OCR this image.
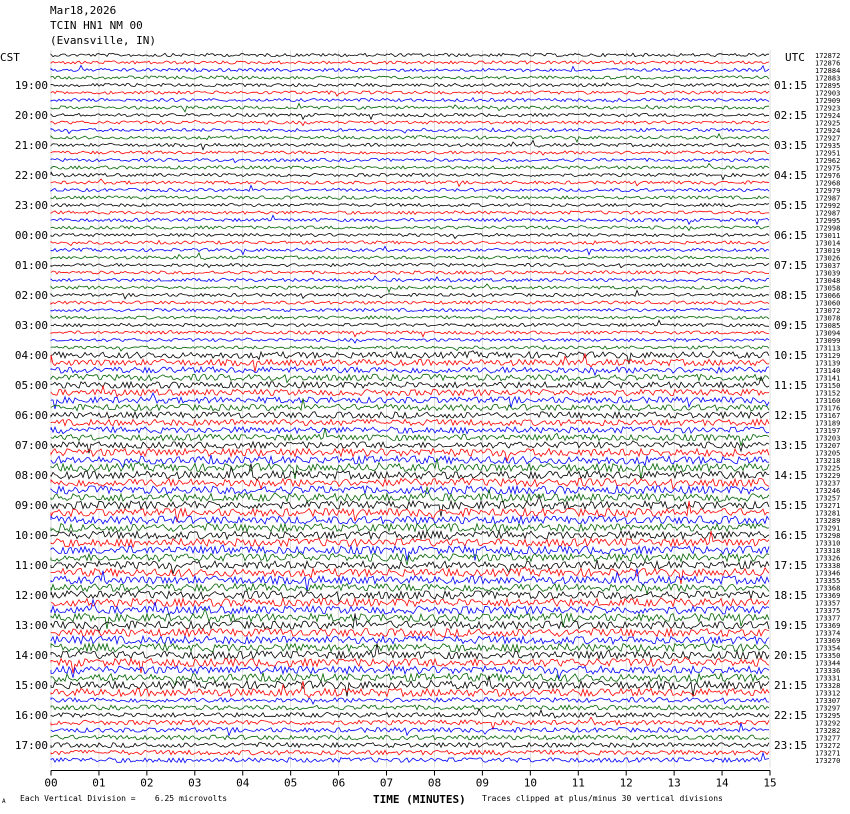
Mar18,2026
TCIN HN1 NM 00
(Evansville, IN)
CST	UTC
19:00
20:00
21:00
22:00
23:00
00:00
01:00
02:00
03:00
04:00
05:00
06:00
07:00
08:00
09:00
10:00
11:00
12:00
13:00
14:00
15:00
16:00
17:00
01:15
02:15
03:15
04:15
05:15
06:15
07:15
08:15
09:15
10:15
11:15
12:15
13:15
14:15
15:15
16:15
17:15
18:15
19:15
20:15
21:15
22:15
23:15
172872
172876
172884
172883
172895
172903
172909
172923
172924
172925
172924
172927
172935
172951
172962
172975
172976
172968
172979
172987
172992
172987
172995
172998
173011
173014
173019
173026
173037
173039
173048
173058
173066
173060
173072
173078
173085
173094
173099
173113
173129
173139
173140
173141
173150
173152
173160
173176
173167
173189
173197
173203
173207
173205
173218
173225
173229
173237
173246
173257
173271
173281
173289
173291
173298
173310
173318
173326
173338
173346
173355
173368
173369
173357
173375
173377
173369
173374
173369
173354
173350
173344
173336
173331
173328
173312
173307
173297
173295
173292
173282
173277
173272
173271
173270
00	01	02	03	04	05	06	07	08	09	10	11	12	13	14	15
A Each Vertical Division =    6.25 microvolts	TIME (MINUTES) Traces clipped at plus/minus 30 vertical divisions
